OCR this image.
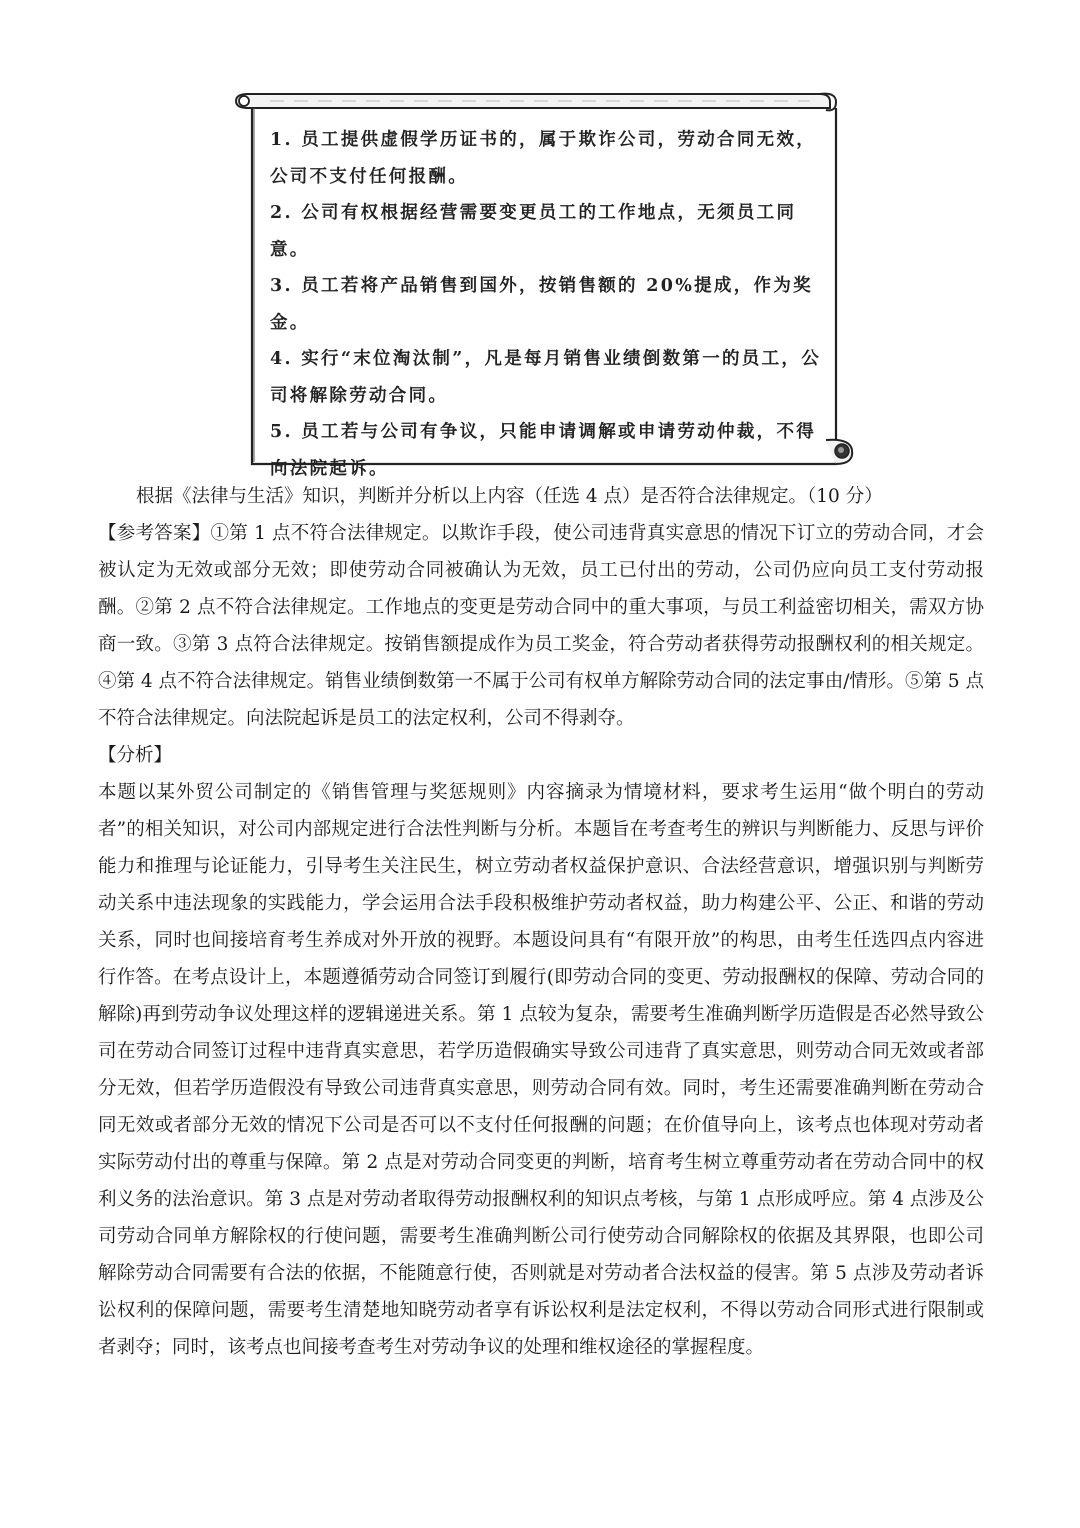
1. 员工提供虚假学历证书的，属于欺诈公司，劳动合同无效，公司不支付任何报酬。
2. 公司有权根据经营需要变更员工的工作地点，无须员工同意。
3. 员工若将产品销售到国外，按销售额的 20%提成，作为奖金。
4. 实行“末位淘汰制”，凡是每月销售业绩倒数第一的员工，公司将解除劳动合同。
5. 员工若与公司有争议，只能申请调解或申请劳动仲裁，不得向法院起诉。
根据《法律与生活》知识，判断并分析以上内容（任选 4 点）是否符合法律规定。（10 分）
【参考答案】①第 1 点不符合法律规定。以欺诈手段，使公司违背真实意思的情况下订立的劳动合同，才会被认定为无效或部分无效；即使劳动合同被确认为无效，员工已付出的劳动，公司仍应向员工支付劳动报酬。②第 2 点不符合法律规定。工作地点的变更是劳动合同中的重大事项，与员工利益密切相关，需双方协商一致。③第 3 点符合法律规定。按销售额提成作为员工奖金，符合劳动者获得劳动报酬权利的相关规定。④第 4 点不符合法律规定。销售业绩倒数第一不属于公司有权单方解除劳动合同的法定事由/情形。⑤第 5 点不符合法律规定。向法院起诉是员工的法定权利，公司不得剥夺。
【分析】
本题以某外贸公司制定的《销售管理与奖惩规则》内容摘录为情境材料，要求考生运用“做个明白的劳动者”的相关知识，对公司内部规定进行合法性判断与分析。本题旨在考查考生的辨识与判断能力、反思与评价能力和推理与论证能力，引导考生关注民生，树立劳动者权益保护意识、合法经营意识，增强识别与判断劳动关系中违法现象的实践能力，学会运用合法手段积极维护劳动者权益，助力构建公平、公正、和谐的劳动关系，同时也间接培育考生养成对外开放的视野。本题设问具有“有限开放”的构思，由考生任选四点内容进行作答。在考点设计上，本题遵循劳动合同签订到履行(即劳动合同的变更、劳动报酬权的保障、劳动合同的解除)再到劳动争议处理这样的逻辑递进关系。第 1 点较为复杂，需要考生准确判断学历造假是否必然导致公司在劳动合同签订过程中违背真实意思，若学历造假确实导致公司违背了真实意思，则劳动合同无效或者部分无效，但若学历造假没有导致公司违背真实意思，则劳动合同有效。同时，考生还需要准确判断在劳动合同无效或者部分无效的情况下公司是否可以不支付任何报酬的问题；在价值导向上，该考点也体现对劳动者实际劳动付出的尊重与保障。第 2 点是对劳动合同变更的判断，培育考生树立尊重劳动者在劳动合同中的权利义务的法治意识。第 3 点是对劳动者取得劳动报酬权利的知识点考核，与第 1 点形成呼应。第 4 点涉及公司劳动合同单方解除权的行使问题，需要考生准确判断公司行使劳动合同解除权的依据及其界限，也即公司解除劳动合同需要有合法的依据，不能随意行使，否则就是对劳动者合法权益的侵害。第 5 点涉及劳动者诉讼权利的保障问题，需要考生清楚地知晓劳动者享有诉讼权利是法定权利，不得以劳动合同形式进行限制或者剥夺；同时，该考点也间接考查考生对劳动争议的处理和维权途径的掌握程度。
